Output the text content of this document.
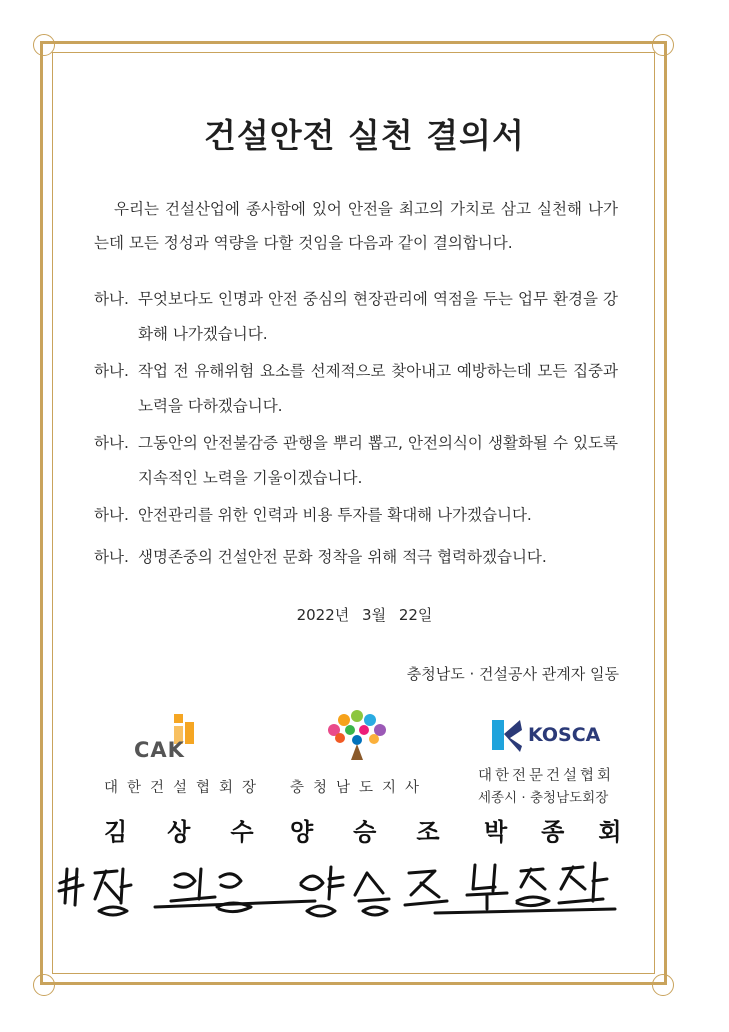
건설안전 실천 결의서

우리는 건설산업에 종사함에 있어 안전을 최고의 가치로 삼고 실천해 나가는데 모든 정성과 역량을 다할 것임을 다음과 같이 결의합니다.

하나. 무엇보다도 인명과 안전 중심의 현장관리에 역점을 두는 업무 환경을 강화해 나가겠습니다.
하나. 작업 전 유해위험 요소를 선제적으로 찾아내고 예방하는데 모든 집중과 노력을 다하겠습니다.
하나. 그동안의 안전불감증 관행을 뿌리 뽑고, 안전의식이 생활화될 수 있도록 지속적인 노력을 기울이겠습니다.
하나. 안전관리를 위한 인력과 비용 투자를 확대해 나가겠습니다.
하나. 생명존중의 건설안전 문화 정착을 위해 적극 협력하겠습니다.
2022년 3월 22일
충청남도 · 건설공사 관계자 일동
CAK
KOSCA
대한건설협회장 충청남도지사
대한전문건설협회
세종시 · 충청남도회장
김상수
양승조 박종회
